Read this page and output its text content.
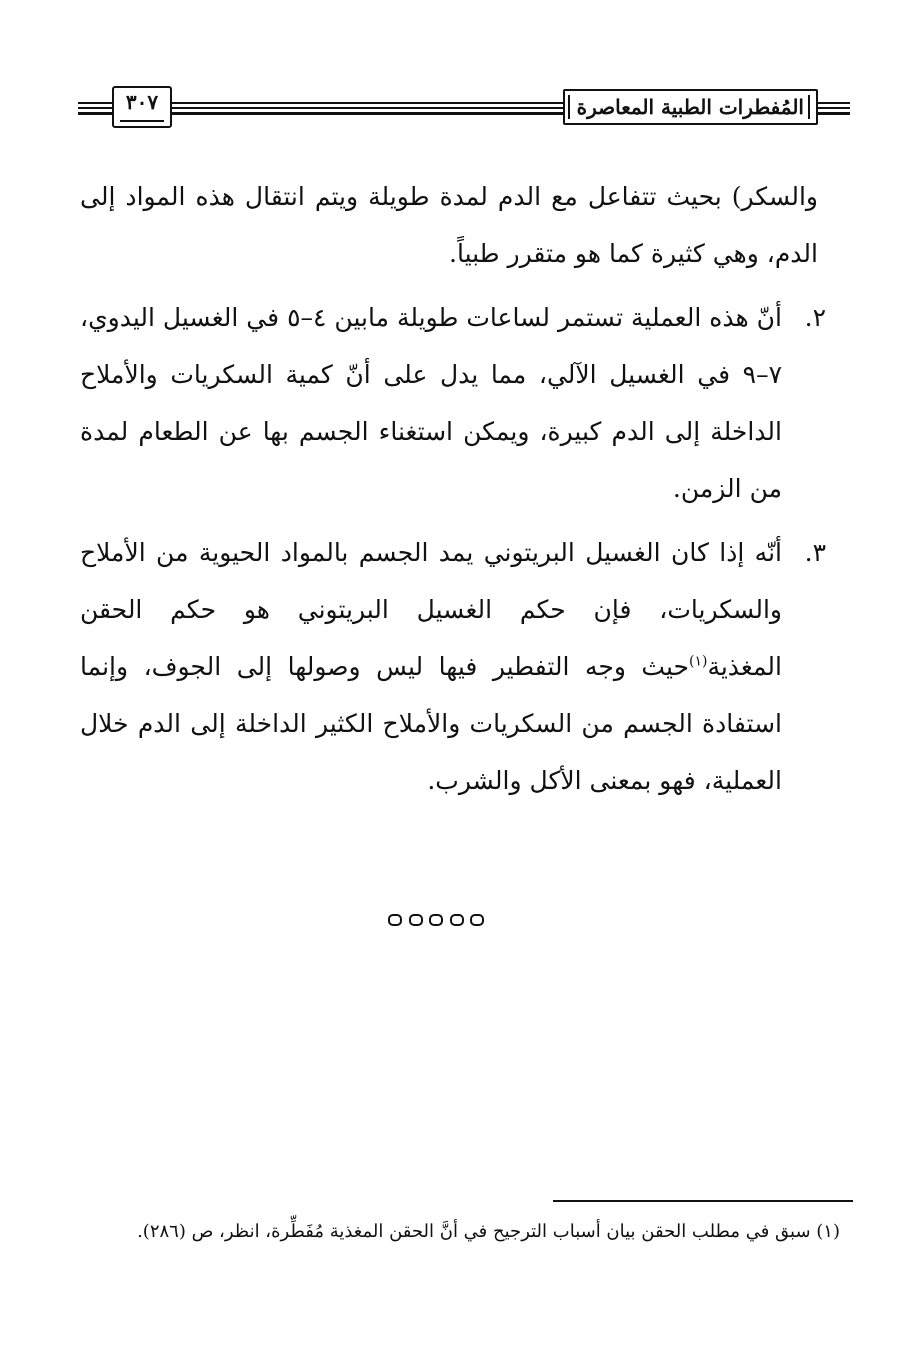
المُفطرات الطبية المعاصرة
٣٠٧

والسكر) بحيث تتفاعل مع الدم لمدة طويلة ويتم انتقال هذه المواد إلى الدم، وهي كثيرة كما هو متقرر طبياً.

٢.
أنّ هذه العملية تستمر لساعات طويلة مابين ٤–٥ في الغسيل اليدوي، ٧–٩ في الغسيل الآلي، مما يدل على أنّ كمية السكريات والأملاح الداخلة إلى الدم كبيرة، ويمكن استغناء الجسم بها عن الطعام لمدة من الزمن.

٣.
أنّه إذا كان الغسيل البريتوني يمد الجسم بالمواد الحيوية من الأملاح والسكريات، فإن حكم الغسيل البريتوني هو حكم الحقن المغذية$^{(١)}$حيث وجه التفطير فيها ليس وصولها إلى الجوف، وإنما استفادة الجسم من السكريات والأملاح الكثير الداخلة إلى الدم خلال العملية، فهو بمعنى الأكل والشرب.

(١) سبق في مطلب الحقن بيان أسباب الترجيح في أنَّ الحقن المغذية مُفَطِّرة، انظر، ص (٢٨٦).
